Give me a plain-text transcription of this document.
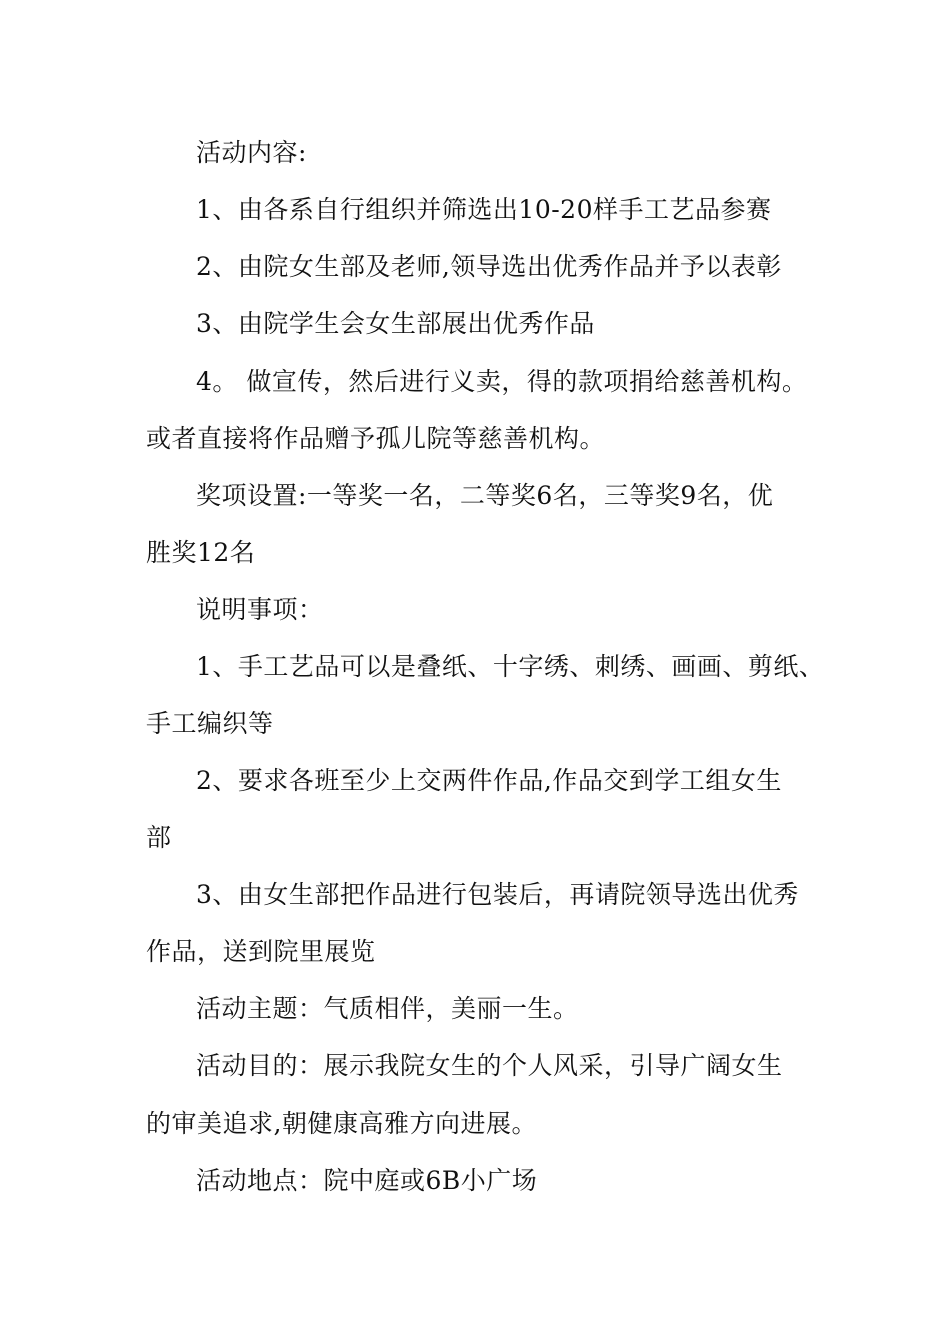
活动内容:
1、由各系自行组织并筛选出10-20样手工艺品参赛
2、由院女生部及老师,领导选出优秀作品并予以表彰
3、由院学生会女生部展出优秀作品
4。 做宣传，然后进行义卖，得的款项捐给慈善机构。
或者直接将作品赠予孤儿院等慈善机构。
奖项设置:一等奖一名，二等奖6名，三等奖9名，优
胜奖12名
说明事项：
1、手工艺品可以是叠纸、十字绣、刺绣、画画、剪纸、
手工编织等
2、要求各班至少上交两件作品,作品交到学工组女生
部
3、由女生部把作品进行包装后，再请院领导选出优秀
作品，送到院里展览
活动主题：气质相伴，美丽一生。
活动目的：展示我院女生的个人风采，引导广阔女生
的审美追求,朝健康高雅方向进展。
活动地点：院中庭或6B小广场
